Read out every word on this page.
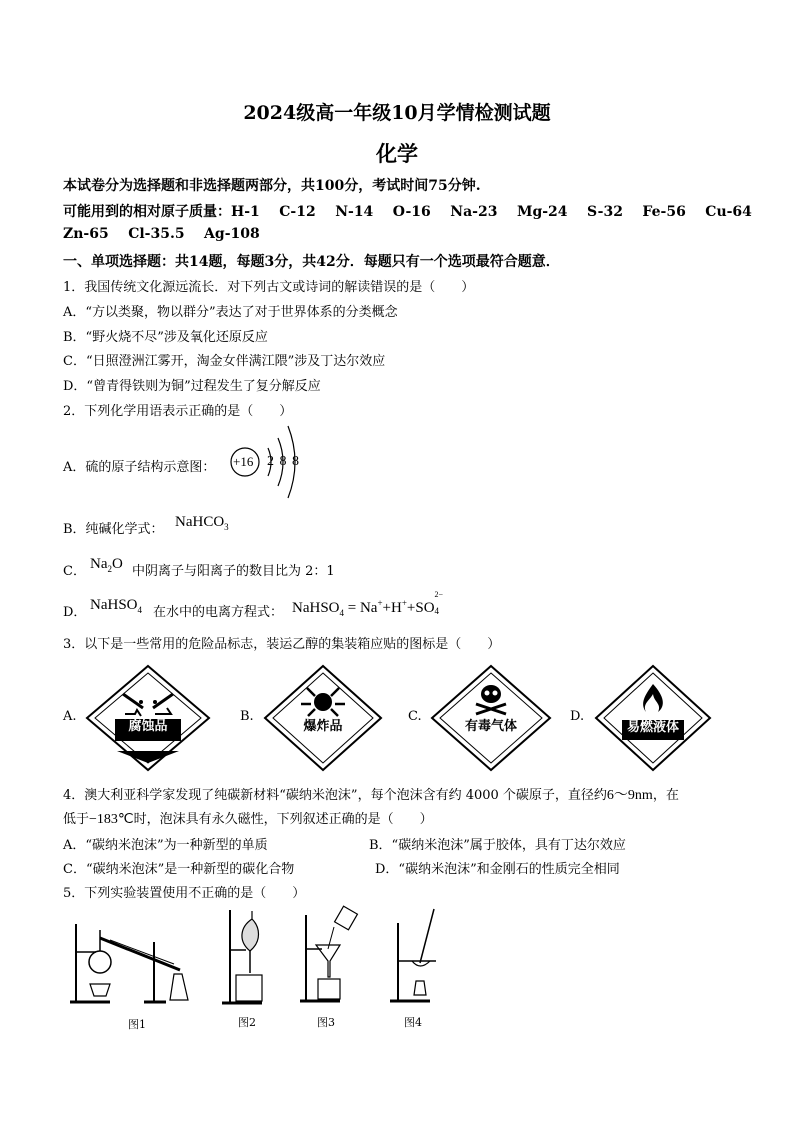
2024级高一年级10月学情检测试题
化学
本试卷分为选择题和非选择题两部分，共100分，考试时间75分钟.
可能用到的相对原子质量：H-1    C-12    N-14    O-16    Na-23    Mg-24    S-32    Fe-56    Cu-64
Zn-65    Cl-35.5    Ag-108
一、单项选择题：共14题，每题3分，共42分．每题只有一个选项最符合题意．
1．我国传统文化源远流长．对下列古文或诗词的解读错误的是（　　）
A．“方以类聚，物以群分”表达了对于世界体系的分类概念
B．“野火烧不尽”涉及氧化还原反应
C．“日照澄洲江雾开，淘金女伴满江隈”涉及丁达尔效应
D．“曾青得铁则为铜”过程发生了复分解反应
2．下列化学用语表示正确的是（　　）
A．硫的原子结构示意图： +16 2 8 8
B．纯碱化学式： NaHCO$_3$
C． $Na_2O$ 中阴离子与阳离子的数目比为 2：1
D． NaHSO$_4$ 在水中的电离方程式： NaHSO$_4$ = Na++H++SO
2−
4
3．以下是一些常用的危险品标志，装运乙醇的集装箱应贴的图标是（　　）
A.
腐蚀品
B.
爆炸品
C.
有毒气体
D.
易燃液体
4．澳大利亚科学家发现了纯碳新材料“碳纳米泡沫”，每个泡沫含有约 4000 个碳原子，直径约6～9nm，在
低于−183℃时，泡沫具有永久磁性，下列叙述正确的是（　　）
A．“碳纳米泡沫”为一种新型的单质	B．“碳纳米泡沫”属于胶体，具有丁达尔效应
C．“碳纳米泡沫”是一种新型的碳化合物	D．“碳纳米泡沫”和金刚石的性质完全相同
5．下列实验装置使用不正确的是（　　）
图1	图2	图3	图4
